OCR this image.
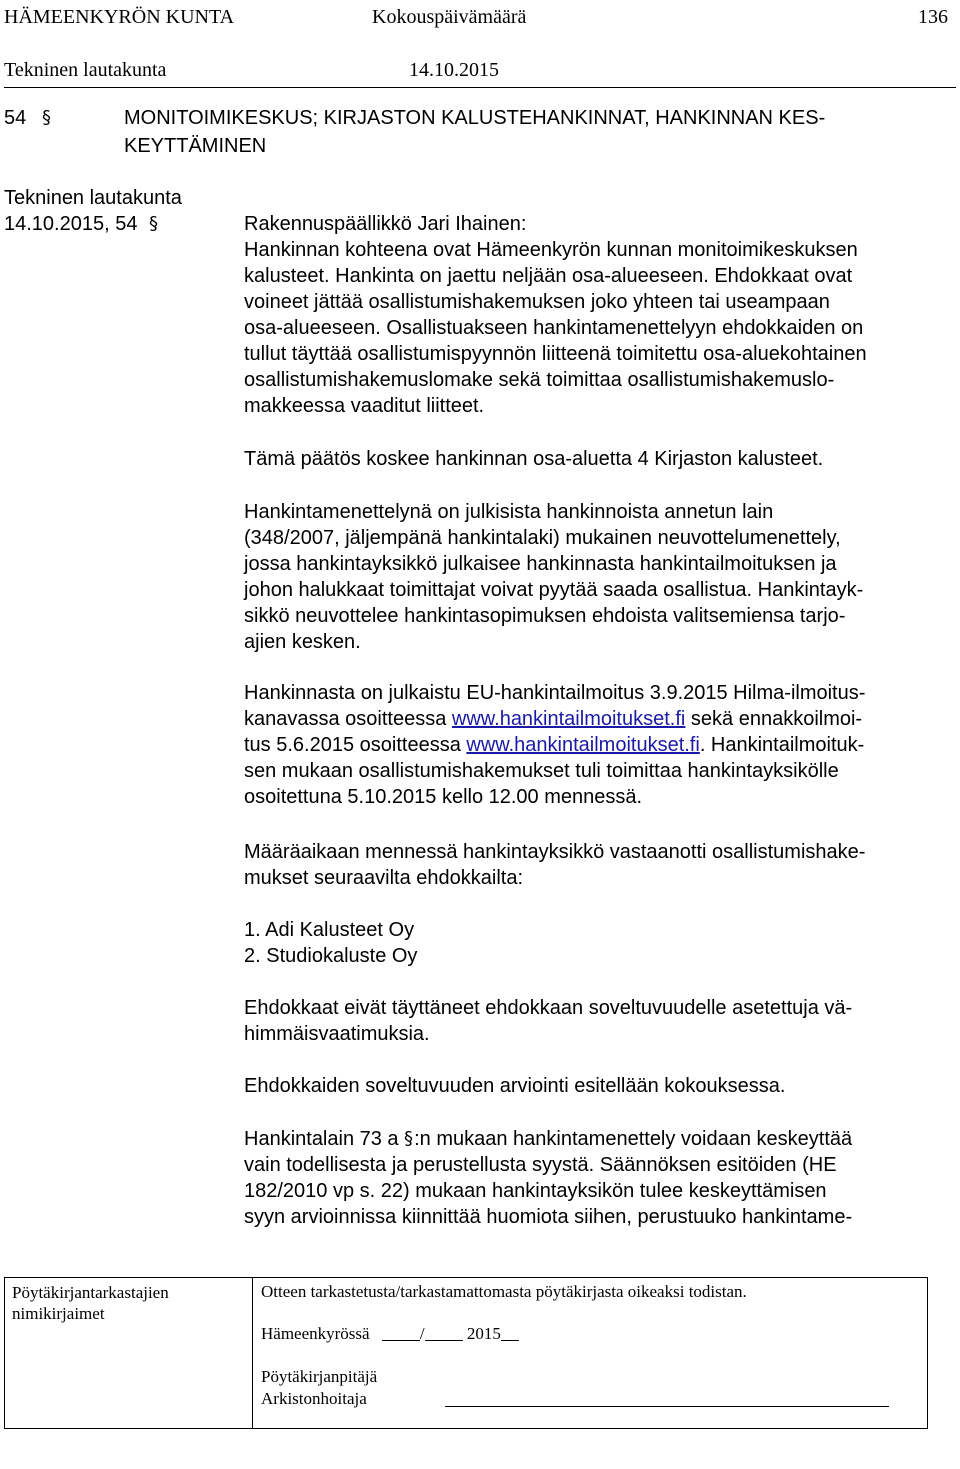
HÄMEENKYRÖN KUNTA	Kokouspäivämäärä	136
Tekninen lautakunta	14.10.2015
54 §	MONITOIMIKESKUS; KIRJASTON KALUSTEHANKINNAT, HANKINNAN KES-
KEYTTÄMINEN
Tekninen lautakunta
14.10.2015, 54 §	Rakennuspäällikkö Jari Ihainen:
Hankinnan kohteena ovat Hämeenkyrön kunnan monitoimikeskuksen
kalusteet. Hankinta on jaettu neljään osa-alueeseen. Ehdokkaat ovat
voineet jättää osallistumishakemuksen joko yhteen tai useampaan
osa-alueeseen. Osallistuakseen hankintamenettelyyn ehdokkaiden on
tullut täyttää osallistumispyynnön liitteenä toimitettu osa-aluekohtainen
osallistumishakemuslomake sekä toimittaa osallistumishakemuslo-
makkeessa vaaditut liitteet.
Tämä päätös koskee hankinnan osa-aluetta 4 Kirjaston kalusteet.
Hankintamenettelynä on julkisista hankinnoista annetun lain
(348/2007, jäljempänä hankintalaki) mukainen neuvottelumenettely,
jossa hankintayksikkö julkaisee hankinnasta hankintailmoituksen ja
johon halukkaat toimittajat voivat pyytää saada osallistua. Hankintayk-
sikkö neuvottelee hankintasopimuksen ehdoista valitsemiensa tarjo-
ajien kesken.
Hankinnasta on julkaistu EU-hankintailmoitus 3.9.2015 Hilma-ilmoitus-
kanavassa osoitteessa www.hankintailmoitukset.fi sekä ennakkoilmoi-
tus 5.6.2015 osoitteessa www.hankintailmoitukset.fi. Hankintailmoituk-
sen mukaan osallistumishakemukset tuli toimittaa hankintayksikölle
osoitettuna 5.10.2015 kello 12.00 mennessä.
Määräaikaan mennessä hankintayksikkö vastaanotti osallistumishake-
mukset seuraavilta ehdokkailta:
1. Adi Kalusteet Oy
2. Studiokaluste Oy
Ehdokkaat eivät täyttäneet ehdokkaan soveltuvuudelle asetettuja vä-
himmäisvaatimuksia.
Ehdokkaiden soveltuvuuden arviointi esitellään kokouksessa.
Hankintalain 73 a § :n mukaan hankintamenettely voidaan keskeyttää
vain todellisesta ja perustellusta syystä. Säännöksen esitöiden (HE
182/2010 vp s. 22) mukaan hankintayksikön tulee keskeyttämisen
syyn arvioinnissa kiinnittää huomiota siihen, perustuuko hankintame-
Pöytäkirjantarkastajien
nimikirjaimet
Otteen tarkastetusta/tarkastamattomasta pöytäkirjasta oikeaksi todistan.
Hämeenkyrössä	/ 2015
Pöytäkirjanpitäjä
Arkistonhoitaja
